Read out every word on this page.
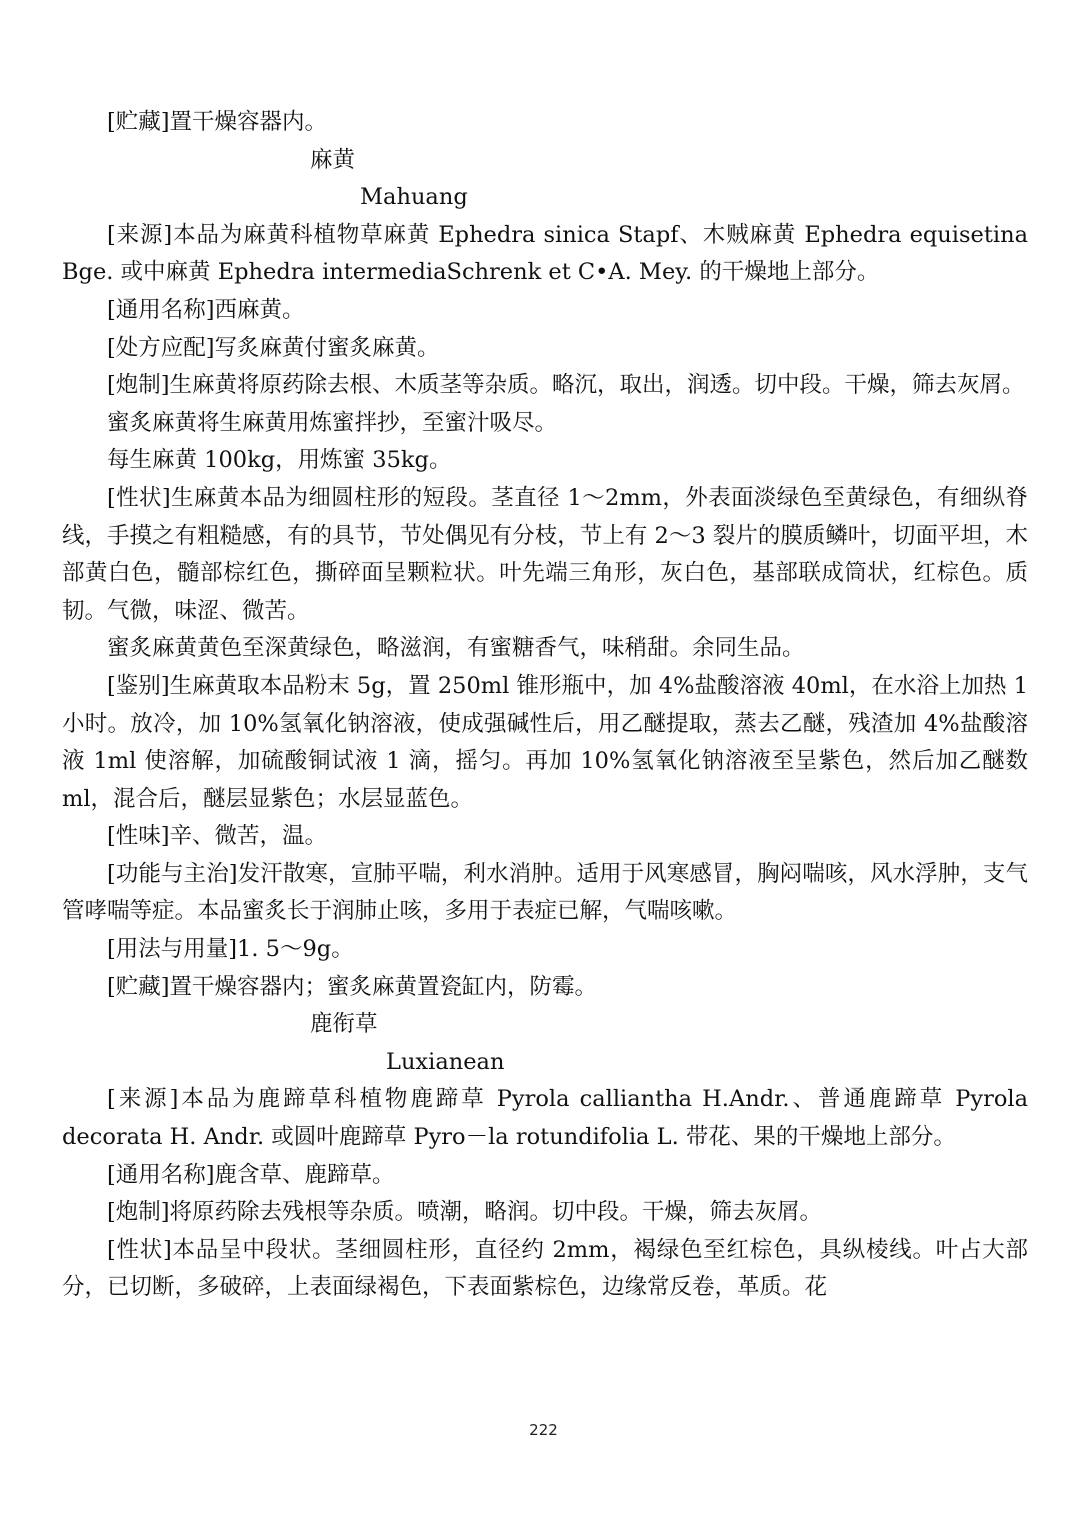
[贮藏]置干燥容器内。

麻黄

Mahuang

[来源]本品为麻黄科植物草麻黄 Ephedra sinica Stapf、木贼麻黄 Ephedra equisetina Bge. 或中麻黄 Ephedra intermediaSchrenk et C•A. Mey. 的干燥地上部分。

[通用名称]西麻黄。

[处方应配]写炙麻黄付蜜炙麻黄。

[炮制]生麻黄将原药除去根、木质茎等杂质。略沉，取出，润透。切中段。干燥，筛去灰屑。

蜜炙麻黄将生麻黄用炼蜜拌抄，至蜜汁吸尽。

每生麻黄 100kg，用炼蜜 35kg。

[性状]生麻黄本品为细圆柱形的短段。茎直径 1～2mm，外表面淡绿色至黄绿色，有细纵脊线，手摸之有粗糙感，有的具节，节处偶见有分枝，节上有 2～3 裂片的膜质鳞叶，切面平坦，木部黄白色，髓部棕红色，撕碎面呈颗粒状。叶先端三角形，灰白色，基部联成筒状，红棕色。质韧。气微，味涩、微苦。

蜜炙麻黄黄色至深黄绿色，略滋润，有蜜糖香气，味稍甜。余同生品。

[鉴别]生麻黄取本品粉末 5g，置 250ml 锥形瓶中，加 4%盐酸溶液 40ml，在水浴上加热 1 小时。放冷，加 10%氢氧化钠溶液，使成强碱性后，用乙醚提取，蒸去乙醚，残渣加 4%盐酸溶液 1ml 使溶解，加硫酸铜试液 1 滴，摇匀。再加 10%氢氧化钠溶液至呈紫色，然后加乙醚数 ml，混合后，醚层显紫色；水层显蓝色。

[性味]辛、微苦，温。

[功能与主治]发汗散寒，宣肺平喘，利水消肿。适用于风寒感冒，胸闷喘咳，风水浮肿，支气管哮喘等症。本品蜜炙长于润肺止咳，多用于表症已解，气喘咳嗽。

[用法与用量]1. 5～9g。

[贮藏]置干燥容器内；蜜炙麻黄置瓷缸内，防霉。

鹿衔草

Luxianean

[来源]本品为鹿蹄草科植物鹿蹄草 Pyrola calliantha H.Andr.、普通鹿蹄草 Pyrola decorata H. Andr. 或圆叶鹿蹄草 Pyro－la rotundifolia L. 带花、果的干燥地上部分。

[通用名称]鹿含草、鹿蹄草。

[炮制]将原药除去残根等杂质。喷潮，略润。切中段。干燥，筛去灰屑。

[性状]本品呈中段状。茎细圆柱形，直径约 2mm，褐绿色至红棕色，具纵棱线。叶占大部分，已切断，多破碎，上表面绿褐色，下表面紫棕色，边缘常反卷，革质。花

222
